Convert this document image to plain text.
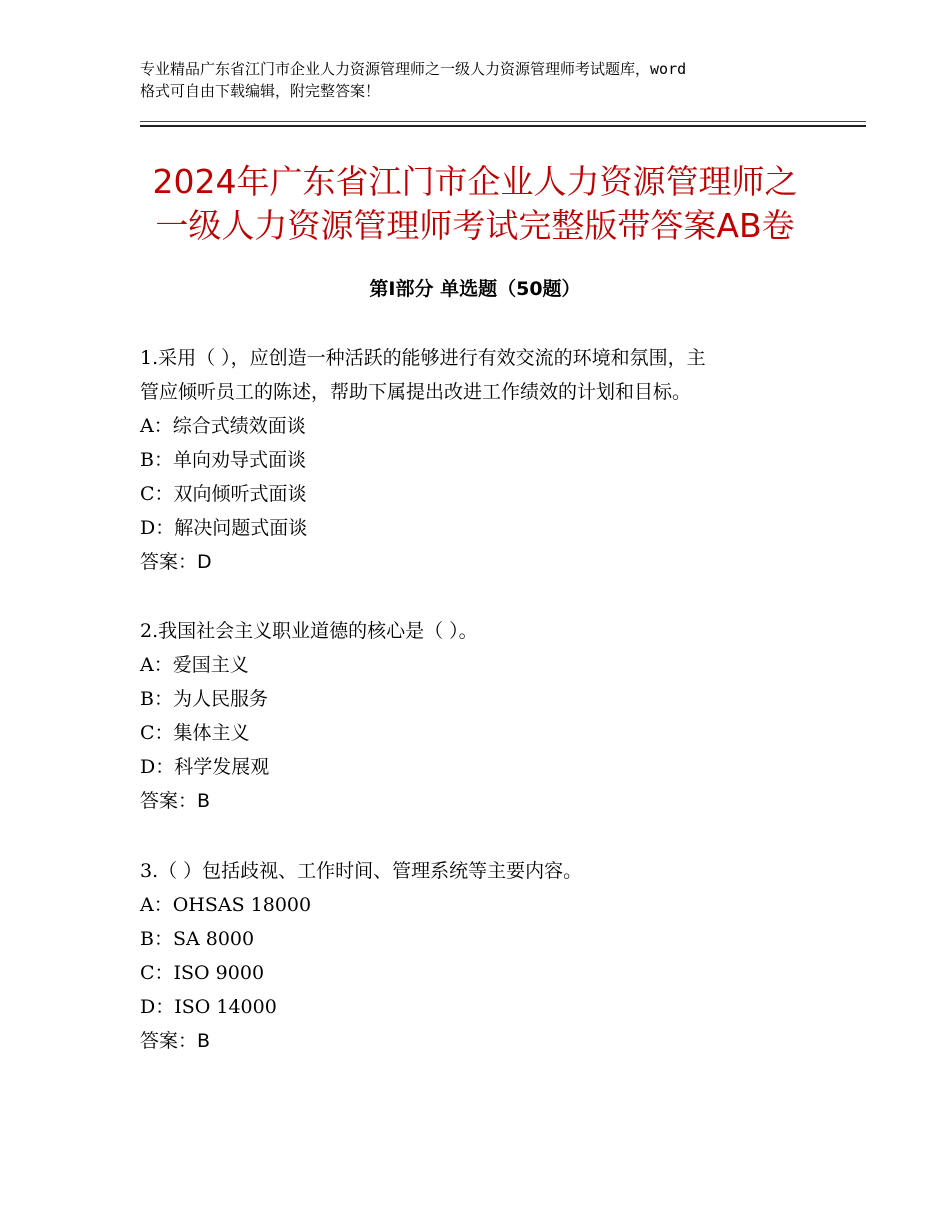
专业精品广东省江门市企业人力资源管理师之一级人力资源管理师考试题库，word
格式可自由下载编辑，附完整答案！
2024年广东省江门市企业人力资源管理师之
一级人力资源管理师考试完整版带答案AB卷
第Ⅰ部分 单选题（50题）
1.采用（ ），应创造一种活跃的能够进行有效交流的环境和氛围，主
管应倾听员工的陈述，帮助下属提出改进工作绩效的计划和目标。
A：综合式绩效面谈
B：单向劝导式面谈
C：双向倾听式面谈
D：解决问题式面谈
答案：D
2.我国社会主义职业道德的核心是（ ）。
A：爱国主义
B：为人民服务
C：集体主义
D：科学发展观
答案：B
3.（ ）包括歧视、工作时间、管理系统等主要内容。
A：OHSAS 18000
B：SA 8000
C：ISO 9000
D：ISO 14000
答案：B
